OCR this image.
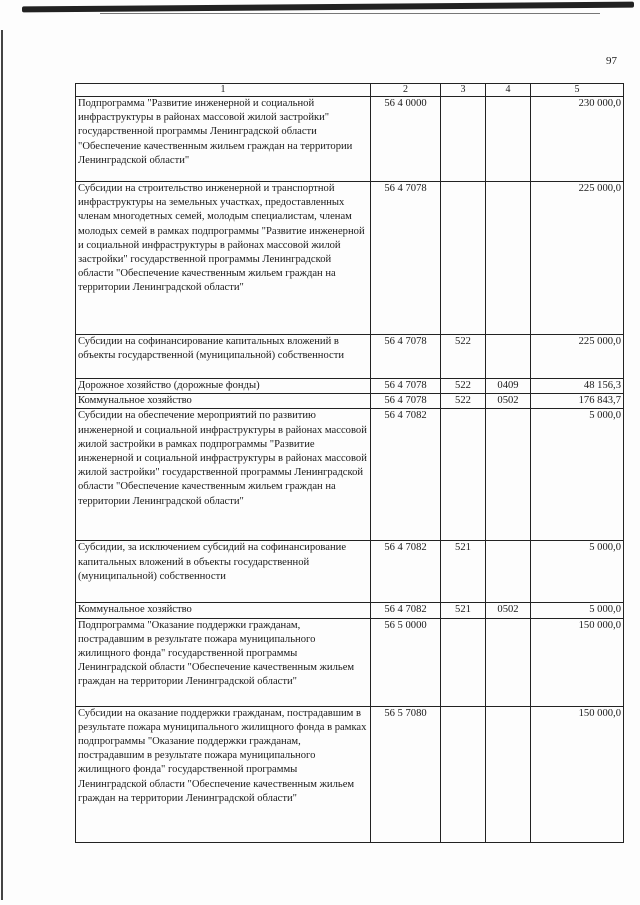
97
1	2	3	4	5
Подпрограмма "Развитие инженерной и социальной инфраструктуры в районах массовой жилой застройки" государственной программы Ленинградской области "Обеспечение качественным жильем граждан на территории Ленинградской области"	56 4 0000			230 000,0
Субсидии на строительство инженерной и транспортной инфраструктуры на земельных участках, предоставленных членам многодетных семей, молодым специалистам, членам молодых семей в рамках подпрограммы "Развитие инженерной и социальной инфраструктуры в районах массовой жилой застройки" государственной программы Ленинградской области "Обеспечение качественным жильем граждан на территории Ленинградской области"	56 4 7078			225 000,0
Субсидии на софинансирование капитальных вложений в объекты государственной (муниципальной) собственности	56 4 7078	522		225 000,0
Дорожное хозяйство (дорожные фонды)	56 4 7078	522	0409	48 156,3
Коммунальное хозяйство	56 4 7078	522	0502	176 843,7
Субсидии на обеспечение мероприятий по развитию инженерной и социальной инфраструктуры в районах массовой жилой застройки в рамках подпрограммы "Развитие инженерной и социальной инфраструктуры в районах массовой жилой застройки" государственной программы Ленинградской области "Обеспечение качественным жильем граждан на территории Ленинградской области"	56 4 7082			5 000,0
Субсидии, за исключением субсидий на софинансирование капитальных вложений в объекты государственной (муниципальной) собственности	56 4 7082	521		5 000,0
Коммунальное хозяйство	56 4 7082	521	0502	5 000,0
Подпрограмма "Оказание поддержки гражданам, пострадавшим в результате пожара муниципального жилищного фонда" государственной программы Ленинградской области "Обеспечение качественным жильем граждан на территории Ленинградской области"	56 5 0000			150 000,0
Субсидии на оказание поддержки гражданам, пострадавшим в результате пожара муниципального жилищного фонда в рамках подпрограммы "Оказание поддержки гражданам, пострадавшим в результате пожара муниципального жилищного фонда" государственной программы Ленинградской области "Обеспечение качественным жильем граждан на территории Ленинградской области"	56 5 7080			150 000,0
